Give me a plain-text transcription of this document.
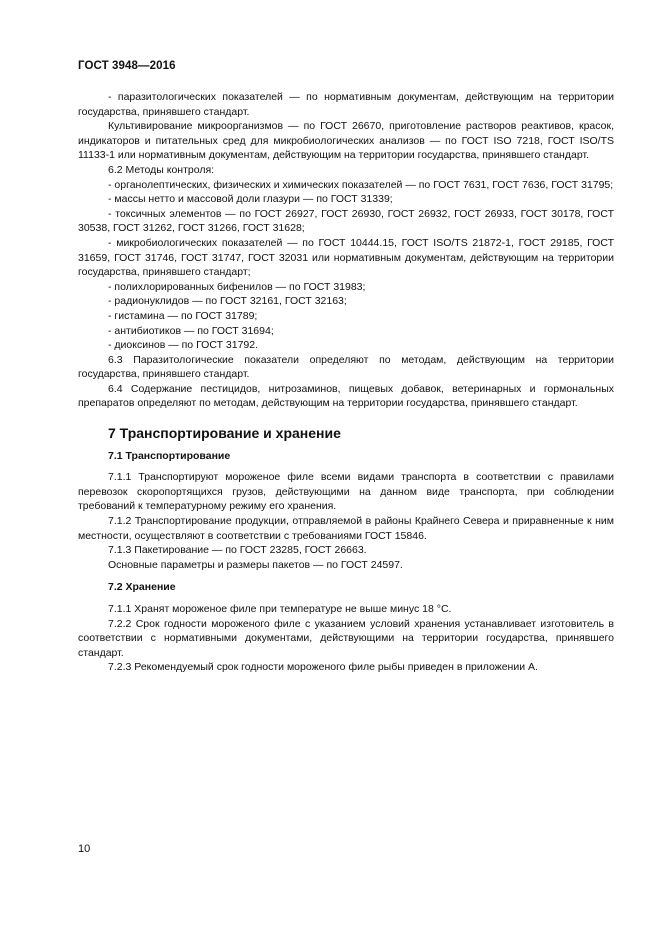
ГОСТ 3948—2016

- паразитологических показателей — по нормативным документам, действующим на территории государства, принявшего стандарт.

Культивирование микроорганизмов — по ГОСТ 26670, приготовление растворов реактивов, красок, индикаторов и питательных сред для микробиологических анализов — по ГОСТ ISO 7218, ГОСТ ISO/TS 11133-1 или нормативным документам, действующим на территории государства, принявшего стандарт.

6.2 Методы контроля:

- органолептических, физических и химических показателей — по ГОСТ 7631, ГОСТ 7636, ГОСТ 31795;

- массы нетто и массовой доли глазури — по ГОСТ 31339;

- токсичных элементов — по ГОСТ 26927, ГОСТ 26930, ГОСТ 26932, ГОСТ 26933, ГОСТ 30178, ГОСТ 30538, ГОСТ 31262, ГОСТ 31266, ГОСТ 31628;

- микробиологических показателей — по ГОСТ 10444.15, ГОСТ ISO/TS 21872-1, ГОСТ 29185, ГОСТ 31659, ГОСТ 31746, ГОСТ 31747, ГОСТ 32031 или нормативным документам, действующим на территории государства, принявшего стандарт;

- полихлорированных бифенилов — по ГОСТ 31983;

- радионуклидов — по ГОСТ 32161, ГОСТ 32163;

- гистамина — по ГОСТ 31789;

- антибиотиков — по ГОСТ 31694;

- диоксинов — по ГОСТ 31792.

6.3 Паразитологические показатели определяют по методам, действующим на территории государства, принявшего стандарт.

6.4 Содержание пестицидов, нитрозаминов, пищевых добавок, ветеринарных и гормональных препаратов определяют по методам, действующим на территории государства, принявшего стандарт.

7 Транспортирование и хранение
7.1 Транспортирование

7.1.1 Транспортируют мороженое филе всеми видами транспорта в соответствии с правилами перевозок скоропортящихся грузов, действующими на данном виде транспорта, при соблюдении требований к температурному режиму его хранения.

7.1.2 Транспортирование продукции, отправляемой в районы Крайнего Севера и приравненные к ним местности, осуществляют в соответствии с требованиями ГОСТ 15846.

7.1.3 Пакетирование — по ГОСТ 23285, ГОСТ 26663.

Основные параметры и размеры пакетов — по ГОСТ 24597.

7.2 Хранение

7.1.1 Хранят мороженое филе при температуре не выше минус 18 °С.

7.2.2 Срок годности мороженого филе с указанием условий хранения устанавливает изготовитель в соответствии с нормативными документами, действующими на территории государства, принявшего стандарт.

7.2.3 Рекомендуемый срок годности мороженого филе рыбы приведен в приложении А.

10
